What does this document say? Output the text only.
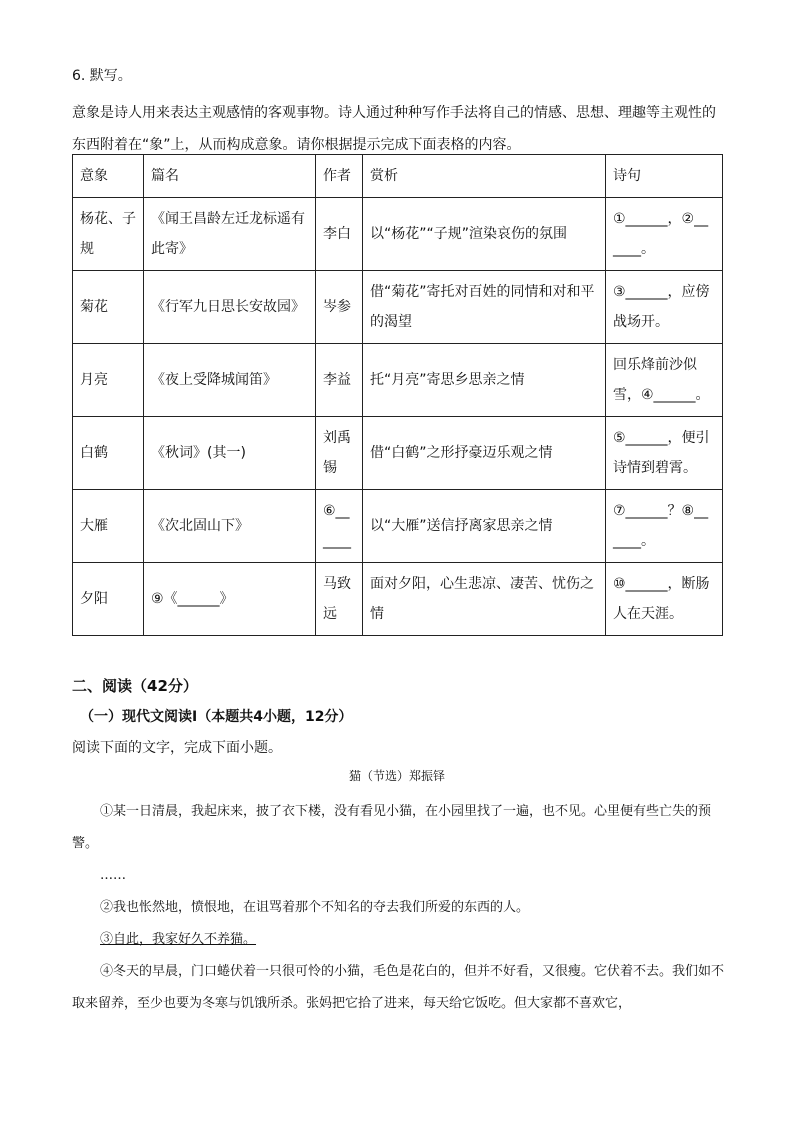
6. 默写。
意象是诗人用来表达主观感情的客观事物。诗人通过种种写作手法将自己的情感、思想、理趣等主观性的东西附着在“象”上，从而构成意象。请你根据提示完成下面表格的内容。
意象	篇名	作者	赏析	诗句
杨花、子规	《闻王昌龄左迁龙标遥有此寄》	李白	以“杨花”“子规”渲染哀伤的氛围	①______，②______。
菊花	《行军九日思长安故园》	岑参	借“菊花”寄托对百姓的同情和对和平的渴望	③______，应傍战场开。
月亮	《夜上受降城闻笛》	李益	托“月亮”寄思乡思亲之情	回乐烽前沙似雪，④______。
白鹤	《秋词》(其一)	刘禹锡	借“白鹤”之形抒豪迈乐观之情	⑤______，便引诗情到碧霄。
大雁	《次北固山下》	⑥______	以“大雁”送信抒离家思亲之情	⑦______？⑧______。
夕阳	⑨《______》	马致远	面对夕阳，心生悲凉、凄苦、忧伤之情	⑩______，断肠人在天涯。
二、阅读（42分）
（一）现代文阅读Ⅰ（本题共4小题，12分）
阅读下面的文字，完成下面小题。
猫（节选）郑振铎

①某一日清晨，我起床来，披了衣下楼，没有看见小猫，在小园里找了一遍，也不见。心里便有些亡失的预警。

……

②我也怅然地，愤恨地，在诅骂着那个不知名的夺去我们所爱的东西的人。

③自此，我家好久不养猫。

④冬天的早晨，门口蜷伏着一只很可怜的小猫，毛色是花白的，但并不好看，又很瘦。它伏着不去。我们如不取来留养，至少也要为冬寒与饥饿所杀。张妈把它拾了进来，每天给它饭吃。但大家都不喜欢它，
